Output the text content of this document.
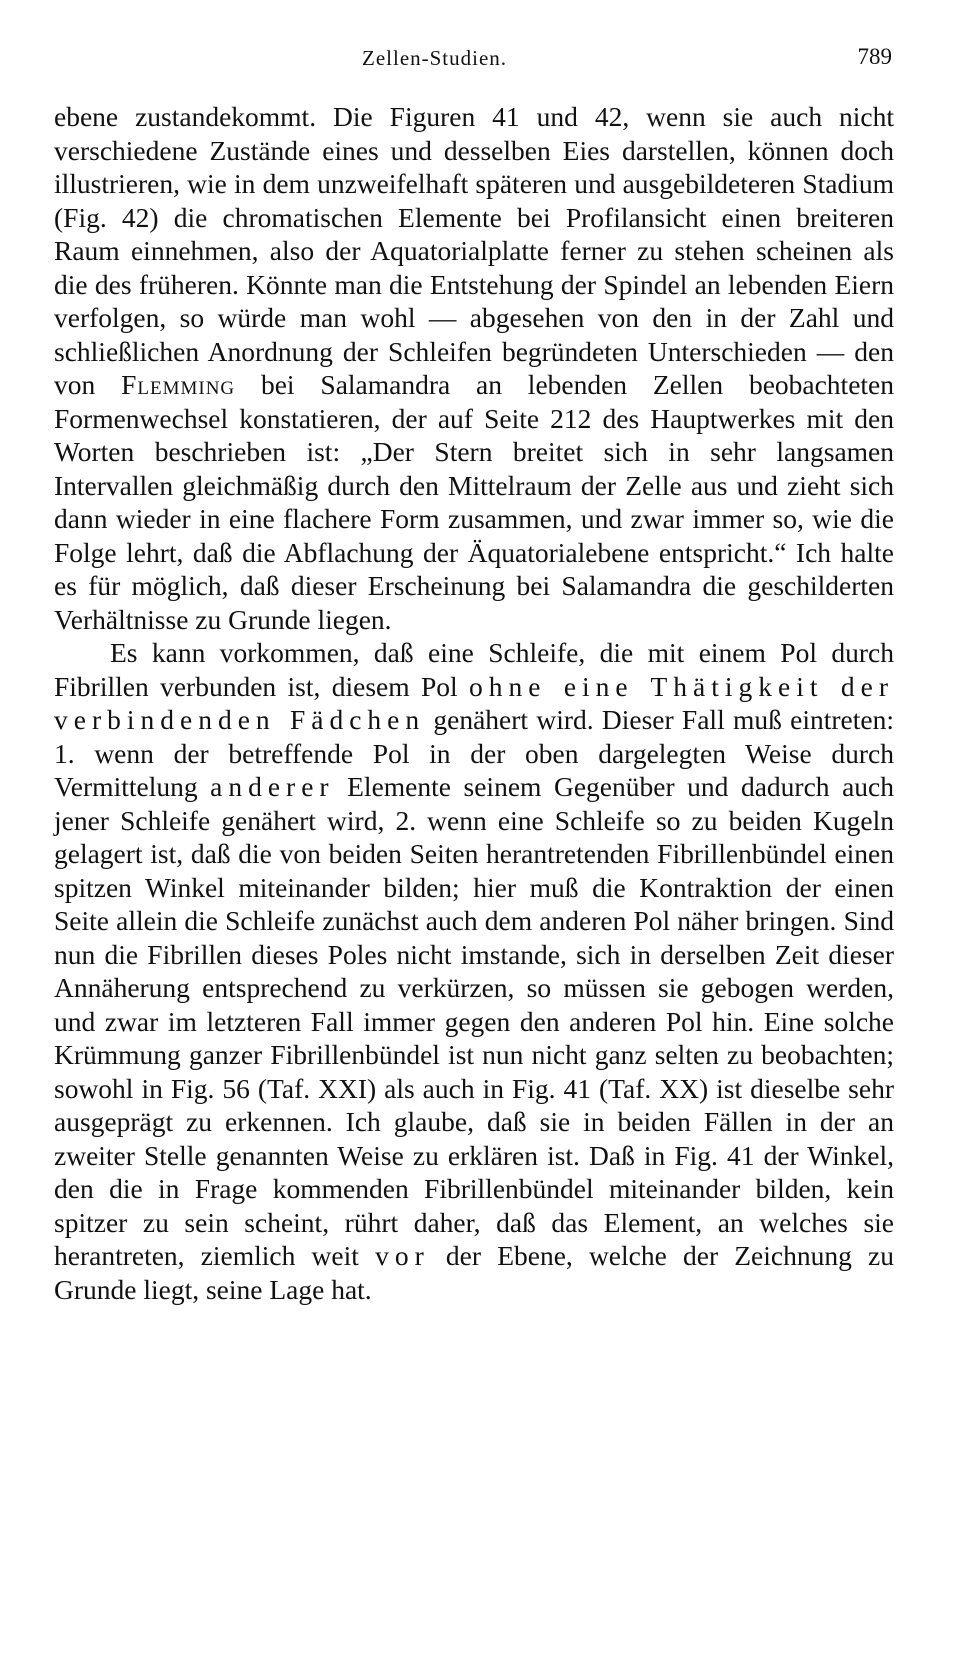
Zellen-Studien.	789

ebene zustandekommt. Die Figuren 41 und 42, wenn sie auch nicht verschiedene Zustände eines und desselben Eies darstellen, können doch illustrieren, wie in dem unzweifelhaft späteren und ausgebildeteren Stadium (Fig. 42) die chromatischen Elemente bei Profilansicht einen breiteren Raum einnehmen, also der Aquatorialplatte ferner zu stehen scheinen als die des früheren. Könnte man die Entstehung der Spindel an lebenden Eiern verfolgen, so würde man wohl — abgesehen von den in der Zahl und schließlichen Anordnung der Schleifen begründeten Unterschieden — den von Flemming bei Salamandra an lebenden Zellen beobachteten Formenwechsel konstatieren, der auf Seite 212 des Hauptwerkes mit den Worten beschrieben ist: „Der Stern breitet sich in sehr langsamen Intervallen gleichmäßig durch den Mittelraum der Zelle aus und zieht sich dann wieder in eine flachere Form zusammen, und zwar immer so, wie die Folge lehrt, daß die Abflachung der Äquatorialebene entspricht.“ Ich halte es für möglich, daß dieser Erscheinung bei Salamandra die geschilderten Verhältnisse zu Grunde liegen.

Es kann vorkommen, daß eine Schleife, die mit einem Pol durch Fibrillen verbunden ist, diesem Pol ohne eine Thätigkeit der verbindenden Fädchen genähert wird. Dieser Fall muß eintreten: 1. wenn der betreffende Pol in der oben dargelegten Weise durch Vermittelung anderer Elemente seinem Gegenüber und dadurch auch jener Schleife genähert wird, 2. wenn eine Schleife so zu beiden Kugeln gelagert ist, daß die von beiden Seiten herantretenden Fibrillenbündel einen spitzen Winkel miteinander bilden; hier muß die Kontraktion der einen Seite allein die Schleife zunächst auch dem anderen Pol näher bringen. Sind nun die Fibrillen dieses Poles nicht imstande, sich in derselben Zeit dieser Annäherung entsprechend zu verkürzen, so müssen sie gebogen werden, und zwar im letzteren Fall immer gegen den anderen Pol hin. Eine solche Krümmung ganzer Fibrillenbündel ist nun nicht ganz selten zu beobachten; sowohl in Fig. 56 (Taf. XXI) als auch in Fig. 41 (Taf. XX) ist dieselbe sehr ausgeprägt zu erkennen. Ich glaube, daß sie in beiden Fällen in der an zweiter Stelle genannten Weise zu erklären ist. Daß in Fig. 41 der Winkel, den die in Frage kommenden Fibrillenbündel miteinander bilden, kein spitzer zu sein scheint, rührt daher, daß das Element, an welches sie herantreten, ziemlich weit vor der Ebene, welche der Zeichnung zu Grunde liegt, seine Lage hat.
